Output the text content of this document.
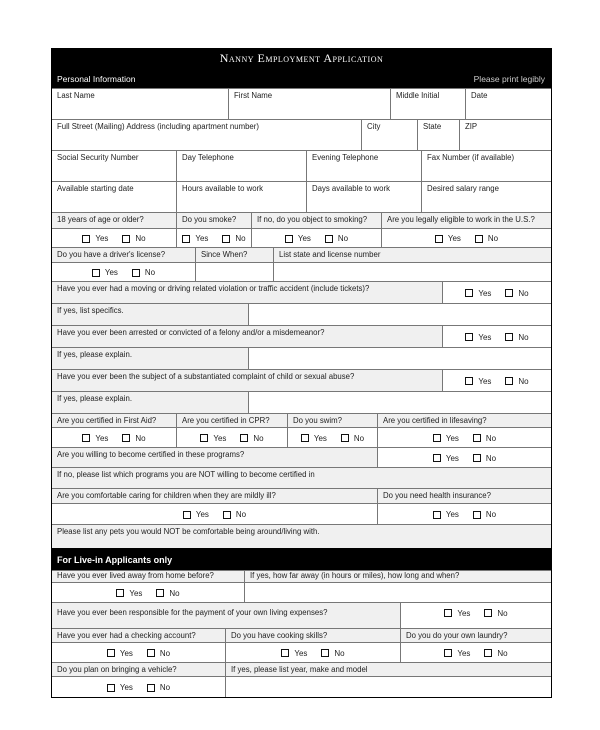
Nanny Employment Application
Personal Information	Please print legibly
Last Name	First Name	Middle Initial	Date
Full Street (Mailing) Address (including apartment number)	City	State	ZIP
Social Security Number	Day Telephone	Evening Telephone	Fax Number (if available)
Available starting date	Hours available to work	Days available to work	Desired salary range
18 years of age or older?	Do you smoke?	If no, do you object to smoking?	Are you legally eligible to work in the U.S.?
Yes	No	Yes	No	Yes	No	Yes	No
Do you have a driver's license?	Since When?	List state and license number
Yes	No
Have you ever had a moving or driving related violation or traffic accident (include tickets)?	Yes	No
If yes, list specifics.
Have you ever been arrested or convicted of a felony and/or a misdemeanor?	Yes	No
If yes, please explain.
Have you ever been the subject of a substantiated complaint of child or sexual abuse?	Yes	No
If yes, please explain.
Are you certified in First Aid?	Are you certified in CPR?	Do you swim?	Are you certified in lifesaving?
Yes	No	Yes	No	Yes	No	Yes	No
Are you willing to become certified in these programs?	Yes	No
If no, please list which programs you are NOT willing to become certified in
Are you comfortable caring for children when they are mildly ill?	Do you need health insurance?
Yes	No	Yes	No
Please list any pets you would NOT be comfortable being around/living with.
For Live-in Applicants only
Have you ever lived away from home before?	If yes, how far away (in hours or miles), how long and when?
Yes	No
Have you ever been responsible for the payment of your own living expenses?	Yes	No
Have you ever had a checking account?	Do you have cooking skills?	Do you do your own laundry?
Yes	No	Yes	No	Yes	No
Do you plan on bringing a vehicle?	If yes, please list year, make and model
Yes	No
